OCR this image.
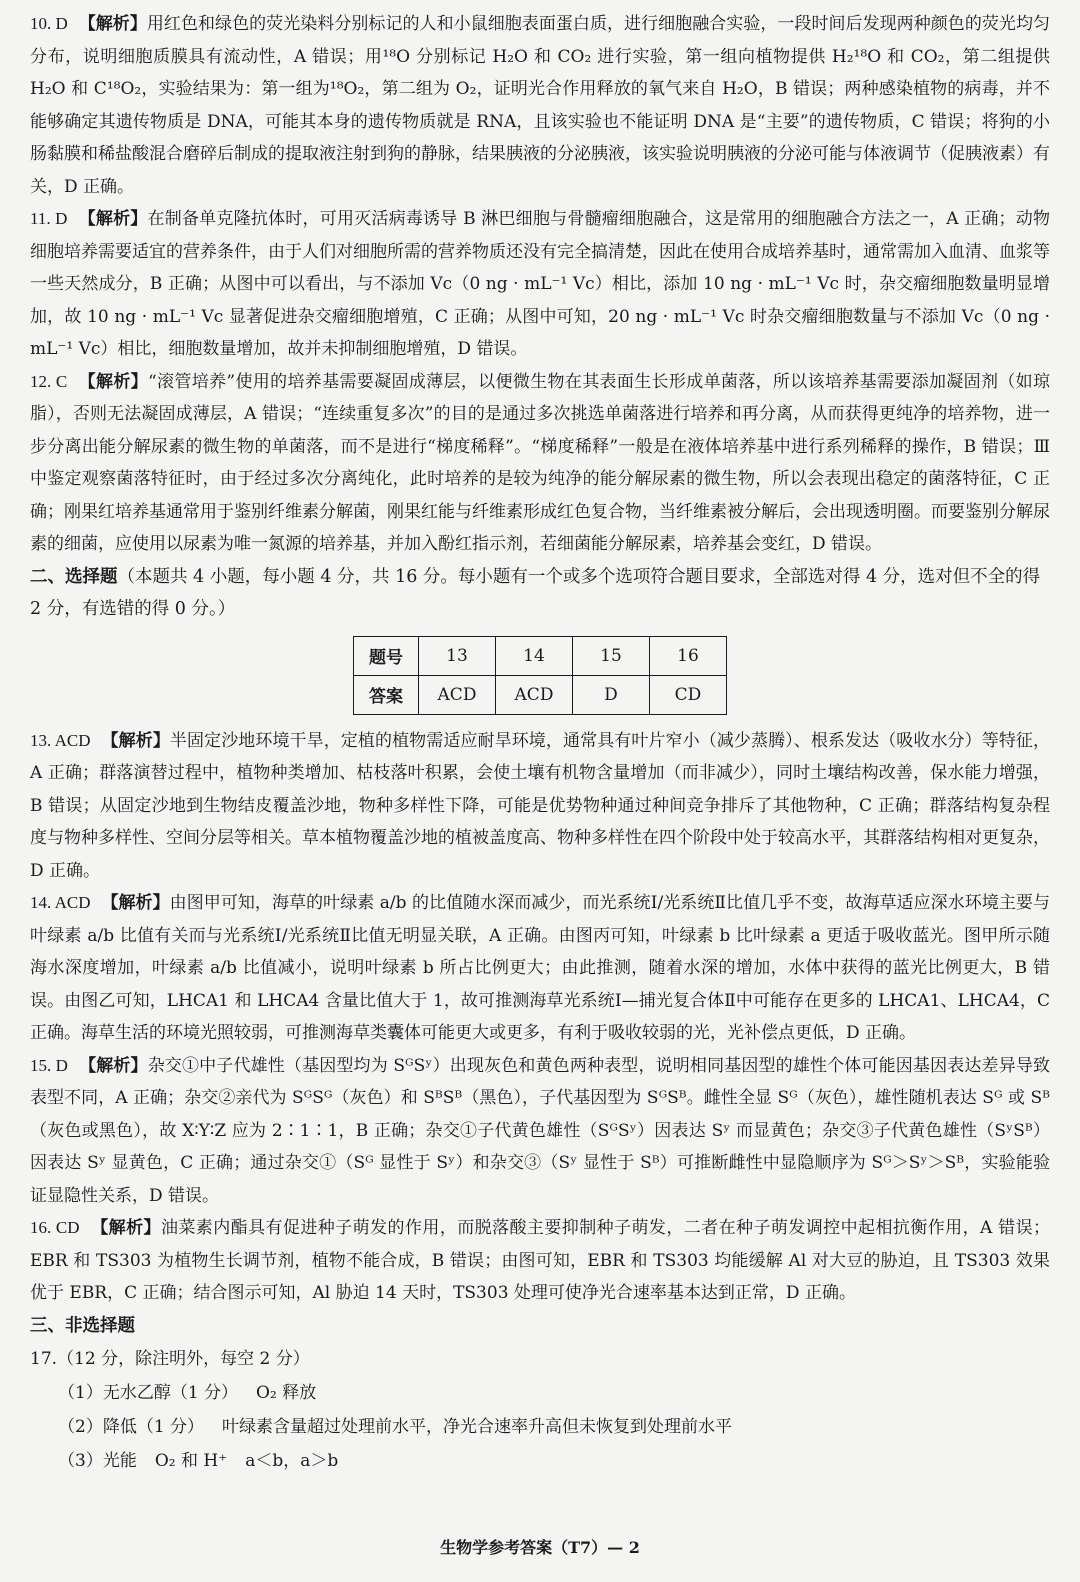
10. D 【解析】用红色和绿色的荧光染料分别标记的人和小鼠细胞表面蛋白质，进行细胞融合实验，一段时间后发现两种颜色的荧光均匀分布，说明细胞质膜具有流动性，A 错误；用¹⁸O 分别标记 H₂O 和 CO₂ 进行实验，第一组向植物提供 H₂¹⁸O 和 CO₂，第二组提供 H₂O 和 C¹⁸O₂，实验结果为：第一组为¹⁸O₂，第二组为 O₂，证明光合作用释放的氧气来自 H₂O，B 错误；两种感染植物的病毒，并不能够确定其遗传物质是 DNA，可能其本身的遗传物质就是 RNA，且该实验也不能证明 DNA 是“主要”的遗传物质，C 错误；将狗的小肠黏膜和稀盐酸混合磨碎后制成的提取液注射到狗的静脉，结果胰液的分泌胰液，该实验说明胰液的分泌可能与体液调节（促胰液素）有关，D 正确。

11. D 【解析】在制备单克隆抗体时，可用灭活病毒诱导 B 淋巴细胞与骨髓瘤细胞融合，这是常用的细胞融合方法之一，A 正确；动物细胞培养需要适宜的营养条件，由于人们对细胞所需的营养物质还没有完全搞清楚，因此在使用合成培养基时，通常需加入血清、血浆等一些天然成分，B 正确；从图中可以看出，与不添加 Vc（0 ng · mL⁻¹ Vc）相比，添加 10 ng · mL⁻¹ Vc 时，杂交瘤细胞数量明显增加，故 10 ng · mL⁻¹ Vc 显著促进杂交瘤细胞增殖，C 正确；从图中可知，20 ng · mL⁻¹ Vc 时杂交瘤细胞数量与不添加 Vc（0 ng · mL⁻¹ Vc）相比，细胞数量增加，故并未抑制细胞增殖，D 错误。

12. C 【解析】“滚管培养”使用的培养基需要凝固成薄层，以便微生物在其表面生长形成单菌落，所以该培养基需要添加凝固剂（如琼脂），否则无法凝固成薄层，A 错误；“连续重复多次”的目的是通过多次挑选单菌落进行培养和再分离，从而获得更纯净的培养物，进一步分离出能分解尿素的微生物的单菌落，而不是进行“梯度稀释”。“梯度稀释”一般是在液体培养基中进行系列稀释的操作，B 错误；Ⅲ 中鉴定观察菌落特征时，由于经过多次分离纯化，此时培养的是较为纯净的能分解尿素的微生物，所以会表现出稳定的菌落特征，C 正确；刚果红培养基通常用于鉴别纤维素分解菌，刚果红能与纤维素形成红色复合物，当纤维素被分解后，会出现透明圈。而要鉴别分解尿素的细菌，应使用以尿素为唯一氮源的培养基，并加入酚红指示剂，若细菌能分解尿素，培养基会变红，D 错误。

二、选择题（本题共 4 小题，每小题 4 分，共 16 分。每小题有一个或多个选项符合题目要求，全部选对得 4 分，选对但不全的得 2 分，有选错的得 0 分。）

题号	13	14	15	16
答案	ACD	ACD	D	CD

13. ACD 【解析】半固定沙地环境干旱，定植的植物需适应耐旱环境，通常具有叶片窄小（减少蒸腾）、根系发达（吸收水分）等特征，A 正确；群落演替过程中，植物种类增加、枯枝落叶积累，会使土壤有机物含量增加（而非减少），同时土壤结构改善，保水能力增强，B 错误；从固定沙地到生物结皮覆盖沙地，物种多样性下降，可能是优势物种通过种间竞争排斥了其他物种，C 正确；群落结构复杂程度与物种多样性、空间分层等相关。草本植物覆盖沙地的植被盖度高、物种多样性在四个阶段中处于较高水平，其群落结构相对更复杂，D 正确。

14. ACD 【解析】由图甲可知，海草的叶绿素 a/b 的比值随水深而减少，而光系统Ⅰ/光系统Ⅱ比值几乎不变，故海草适应深水环境主要与叶绿素 a/b 比值有关而与光系统Ⅰ/光系统Ⅱ比值无明显关联，A 正确。由图丙可知，叶绿素 b 比叶绿素 a 更适于吸收蓝光。图甲所示随海水深度增加，叶绿素 a/b 比值减小，说明叶绿素 b 所占比例更大；由此推测，随着水深的增加，水体中获得的蓝光比例更大，B 错误。由图乙可知，LHCA1 和 LHCA4 含量比值大于 1，故可推测海草光系统Ⅰ—捕光复合体Ⅱ中可能存在更多的 LHCA1、LHCA4，C 正确。海草生活的环境光照较弱，可推测海草类囊体可能更大或更多，有利于吸收较弱的光，光补偿点更低，D 正确。

15. D 【解析】杂交①中子代雄性（基因型均为 SᴳSʸ）出现灰色和黄色两种表型，说明相同基因型的雄性个体可能因基因表达差异导致表型不同，A 正确；杂交②亲代为 SᴳSᴳ（灰色）和 SᴮSᴮ（黑色），子代基因型为 SᴳSᴮ。雌性全显 Sᴳ（灰色），雄性随机表达 Sᴳ 或 Sᴮ（灰色或黑色），故 X∶Y∶Z 应为 2∶1∶1，B 正确；杂交①子代黄色雄性（SᴳSʸ）因表达 Sʸ 而显黄色；杂交③子代黄色雄性（SʸSᴮ）因表达 Sʸ 显黄色，C 正确；通过杂交①（Sᴳ 显性于 Sʸ）和杂交③（Sʸ 显性于 Sᴮ）可推断雌性中显隐顺序为 Sᴳ＞Sʸ＞Sᴮ，实验能验证显隐性关系，D 错误。

16. CD 【解析】油菜素内酯具有促进种子萌发的作用，而脱落酸主要抑制种子萌发，二者在种子萌发调控中起相抗衡作用，A 错误；EBR 和 TS303 为植物生长调节剂，植物不能合成，B 错误；由图可知，EBR 和 TS303 均能缓解 Al 对大豆的胁迫，且 TS303 效果优于 EBR，C 正确；结合图示可知，Al 胁迫 14 天时，TS303 处理可使净光合速率基本达到正常，D 正确。

三、非选择题

17.（12 分，除注明外，每空 2 分）

（1）无水乙醇（1 分） O₂ 释放

（2）降低（1 分） 叶绿素含量超过处理前水平，净光合速率升高但未恢复到处理前水平

（3）光能 O₂ 和 H⁺ a＜b，a＞b

生物学参考答案（T7）— 2
